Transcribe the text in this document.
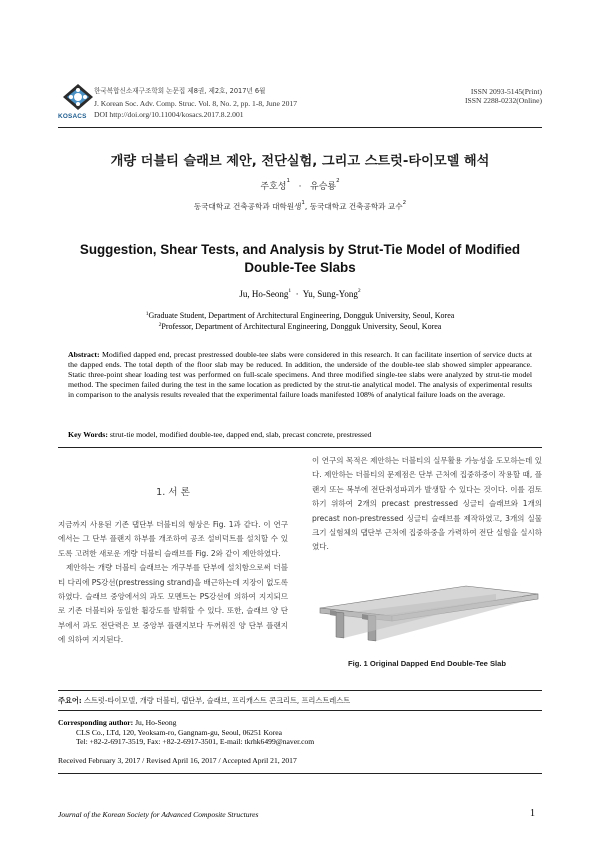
KOSACS
한국복합신소재구조학회 논문집 제8권, 제2호, 2017년 6월
J. Korean Soc. Adv. Comp. Struc. Vol. 8, No. 2, pp. 1-8, June 2017
DOI http://doi.org/10.11004/kosacs.2017.8.2.001
ISSN 2093-5145(Print)
ISSN 2288-0232(Online)
개량 더블티 슬래브 제안, 전단실험, 그리고 스트럿-타이모델 해석
주호성$^1$   · 유승룡$^2$
동국대학교 건축공학과 대학원생$^1$, 동국대학교 건축공학과 교수$^2$
Suggestion, Shear Tests, and Analysis by Strut-Tie Model of Modified
Double-Tee Slabs
Ju, Ho-Seong$^1$ · Yu, Sung-Yong$^2$
$^1$Graduate Student, Department of Architectural Engineering, Dongguk University, Seoul, Korea
$^2$Professor, Department of Architectural Engineering, Dongguk University, Seoul, Korea
Abstract: Modified dapped end, precast prestressed double-tee slabs were considered in this research. It can facilitate insertion of service ducts at the dapped ends. The total depth of the floor slab may be reduced. In addition, the underside of the double-tee slab showed simpler appearance. Static three-point shear loading test was performed on full-scale specimens. And three modified single-tee slabs were analyzed by strut-tie model method. The specimen failed during the test in the same location as predicted by the strut-tie analytical model. The analysis of experimental results in comparison to the analysis results revealed that the experimental failure loads manifested 108% of analytical failure loads on the average.
Key Words: strut-tie model, modified double-tee, dapped end, slab, precast concrete, prestressed
1. 서 론
지금까지 사용된 기존 댑단부 더블티의 형상은 Fig. 1과 같다. 이 연구에서는 그 단부 플랜지 하부를 개조하여 공조 설비덕트를 설치할 수 있도록 고려한 새로운 개량 더블티 슬래브를 Fig. 2와 같이 제안하였다.
제안하는 개량 더블티 슬래브는 개구부를 단부에 설치함으로써 더블티 다리에 PS강선(prestressing strand)을 배근하는데 지장이 없도록 하였다. 슬래브 중앙에서의 과도 모멘트는 PS강선에 의하여 지지되므로 기존 더블티와 동일한 휨강도를 발휘할 수 있다. 또한, 슬래브 양 단부에서 과도 전단력은 보 중앙부 플랜지보다 두꺼워진 양 단부 플랜지에 의하여 지지된다.
이 연구의 목적은 제안하는 더블티의 실무활용 가능성을 도모하는데 있다. 제안하는 더블티의 문제점은 단부 근처에 집중하중이 작용할 때, 플랜지 또는 복부에 전단취성파괴가 발생할 수 있다는 것이다. 이를 검토하기 위하여 2개의 precast prestressed 싱글티 슬래브와 1개의 precast non-prestressed 싱글티 슬래브를 제작하였고, 3개의 실물크기 실험체의 댑단부 근처에 집중하중을 가력하여 전단 실험을 실시하였다.
Fig. 1 Original Dapped End Double-Tee Slab
주요어: 스트럿-타이모델, 개량 더블티, 댑단부, 슬래브, 프리캐스트 콘크리트, 프리스트레스트
Corresponding author: Ju, Ho-Seong
CLS Co., LTd, 120, Yeoksam-ro, Gangnam-gu, Seoul, 06251 Korea
Tel: +82-2-6917-3519, Fax: +82-2-6917-3501, E-mail: tkrhk6499@naver.com
Received February 3, 2017 / Revised April 16, 2017 / Accepted April 21, 2017
Journal of the Korean Society for Advanced Composite Structures	1
